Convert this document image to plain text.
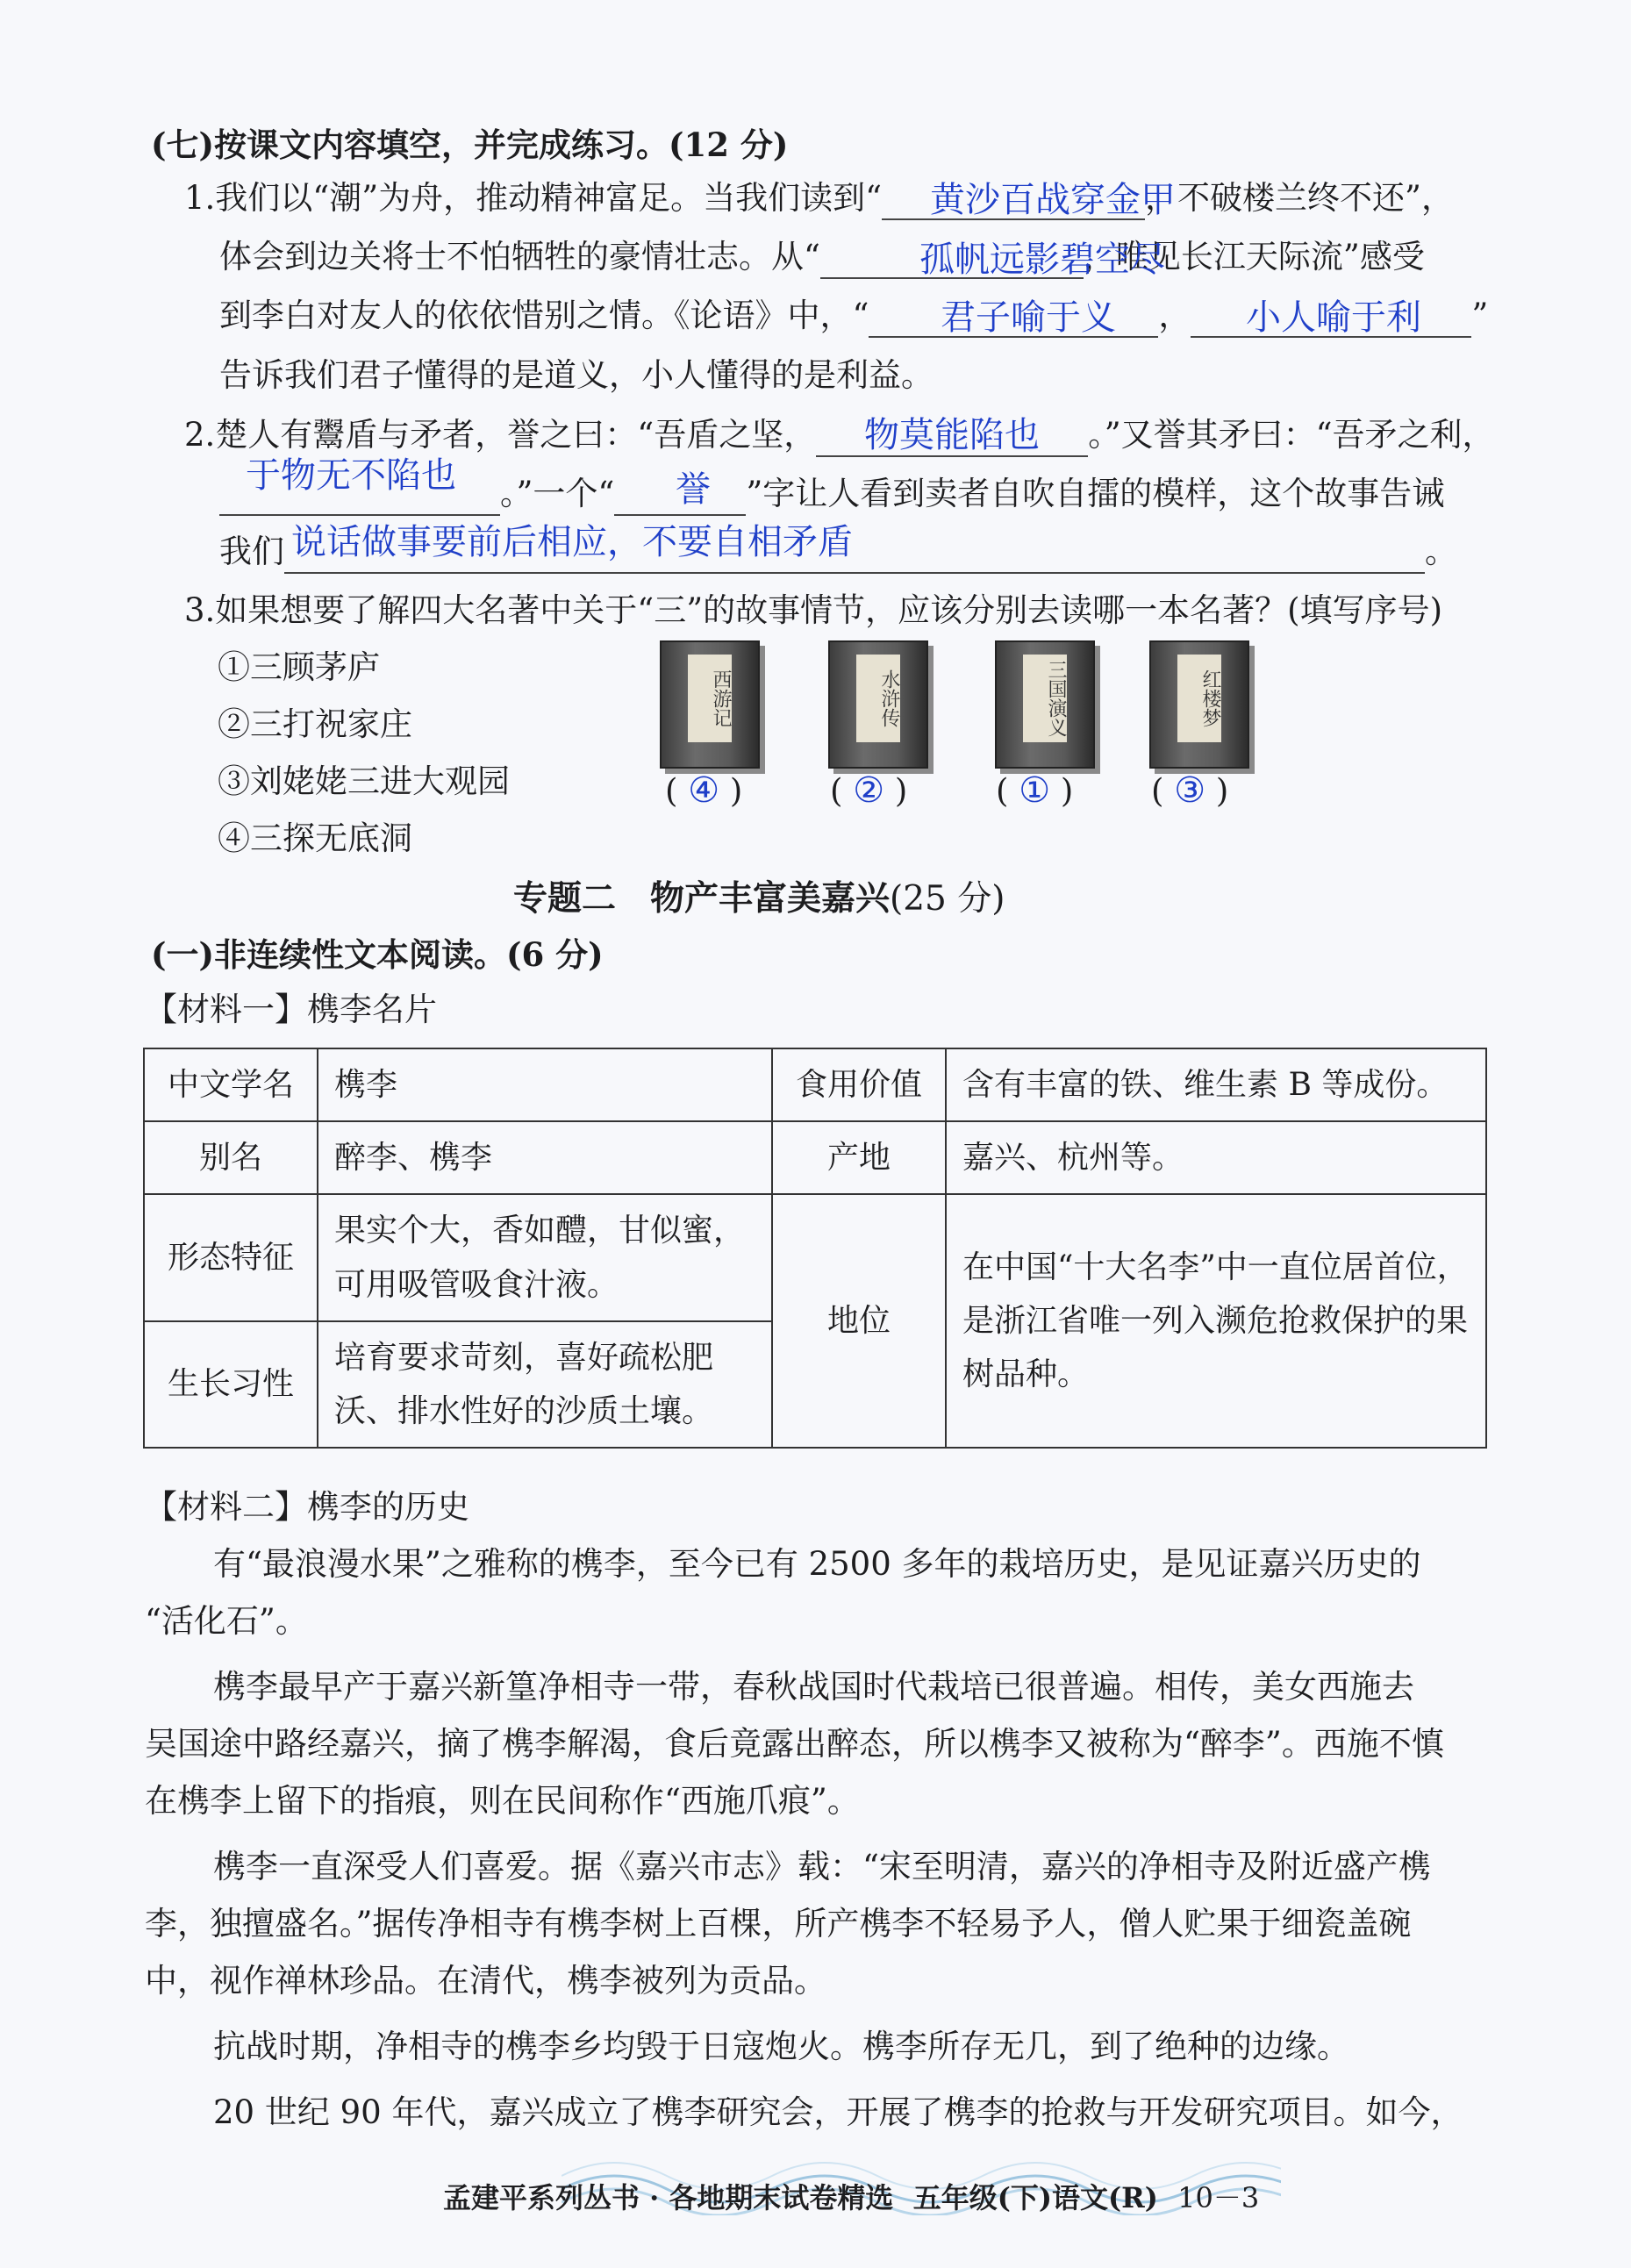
(七)按课文内容填空，并完成练习。(12 分)
1.我们以“潮”为舟，推动精神富足。当我们读到“	，不破楼兰终不还”，
黄沙百战穿金甲
体会到边关将士不怕牺牲的豪情壮志。从“	，唯见长江天际流”感受
孤帆远影碧空尽
到李白对友人的依依惜别之情。《论语》中，“	，	”
君子喻于义	小人喻于利
告诉我们君子懂得的是道义，小人懂得的是利益。
2.楚人有鬻盾与矛者，誉之曰：“吾盾之坚，	。”又誉其矛曰：“吾矛之利，
物莫能陷也
。”一个“	”字让人看到卖者自吹自擂的模样，这个故事告诫
于物无不陷也	誉
我们	。
说话做事要前后相应，不要自相矛盾
3.如果想要了解四大名著中关于“三”的故事情节，应该分别去读哪一本名著？(填写序号)
①三顾茅庐
②三打祝家庄
③刘姥姥三进大观园
④三探无底洞
西游记	水浒传	三国演义	红楼梦
( ④ )	( ② )	( ① ) ( ③ )
专题二　物产丰富美嘉兴(25 分)
(一)非连续性文本阅读。(6 分)
【材料一】槜李名片
中文学名	槜李	食用价值	含有丰富的铁、维生素 B 等成份。
别名	醉李、槜李	产地	嘉兴、杭州等。
形态特征	果实个大，香如醴，甘似蜜，可用吸管吸食汁液。	地位	在中国“十大名李”中一直位居首位，是浙江省唯一列入濒危抢救保护的果树品种。
生长习性	培育要求苛刻，喜好疏松肥沃、排水性好的沙质土壤。		
【材料二】槜李的历史
有“最浪漫水果”之雅称的槜李，至今已有 2500 多年的栽培历史，是见证嘉兴历史的
“活化石”。
槜李最早产于嘉兴新篁净相寺一带，春秋战国时代栽培已很普遍。相传，美女西施去
吴国途中路经嘉兴，摘了槜李解渴，食后竟露出醉态，所以槜李又被称为“醉李”。西施不慎
在槜李上留下的指痕，则在民间称作“西施爪痕”。
槜李一直深受人们喜爱。据《嘉兴市志》载：“宋至明清，嘉兴的净相寺及附近盛产槜
李，独擅盛名。”据传净相寺有槜李树上百棵，所产槜李不轻易予人，僧人贮果于细瓷盖碗
中，视作禅林珍品。在清代，槜李被列为贡品。
抗战时期，净相寺的槜李乡均毁于日寇炮火。槜李所存无几，到了绝种的边缘。
20 世纪 90 年代，嘉兴成立了槜李研究会，开展了槜李的抢救与开发研究项目。如今，
孟建平系列丛书 · 各地期末试卷精选 五年级(下)语文(R) 10－3
